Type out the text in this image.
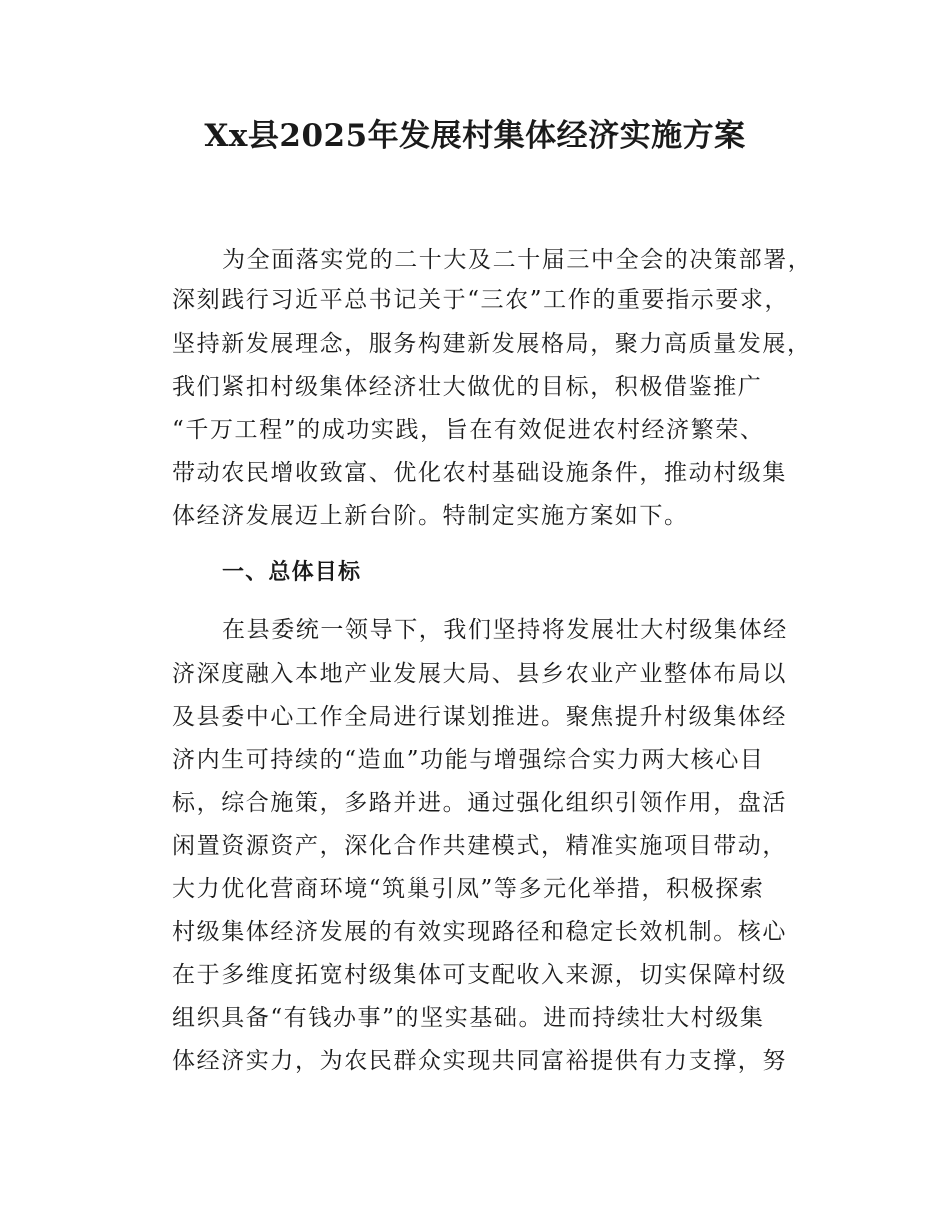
Xx县2025年发展村集体经济实施方案
为全面落实党的二十大及二十届三中全会的决策部署，
深刻践行习近平总书记关于“三农”工作的重要指示要求，
坚持新发展理念，服务构建新发展格局，聚力高质量发展，
我们紧扣村级集体经济壮大做优的目标，积极借鉴推广
“千万工程”的成功实践，旨在有效促进农村经济繁荣、
带动农民增收致富、优化农村基础设施条件，推动村级集
体经济发展迈上新台阶。特制定实施方案如下。
一、总体目标
在县委统一领导下，我们坚持将发展壮大村级集体经
济深度融入本地产业发展大局、县乡农业产业整体布局以
及县委中心工作全局进行谋划推进。聚焦提升村级集体经
济内生可持续的“造血”功能与增强综合实力两大核心目
标，综合施策，多路并进。通过强化组织引领作用，盘活
闲置资源资产，深化合作共建模式，精准实施项目带动，
大力优化营商环境“筑巢引凤”等多元化举措，积极探索
村级集体经济发展的有效实现路径和稳定长效机制。核心
在于多维度拓宽村级集体可支配收入来源，切实保障村级
组织具备“有钱办事”的坚实基础。进而持续壮大村级集
体经济实力，为农民群众实现共同富裕提供有力支撑，努
